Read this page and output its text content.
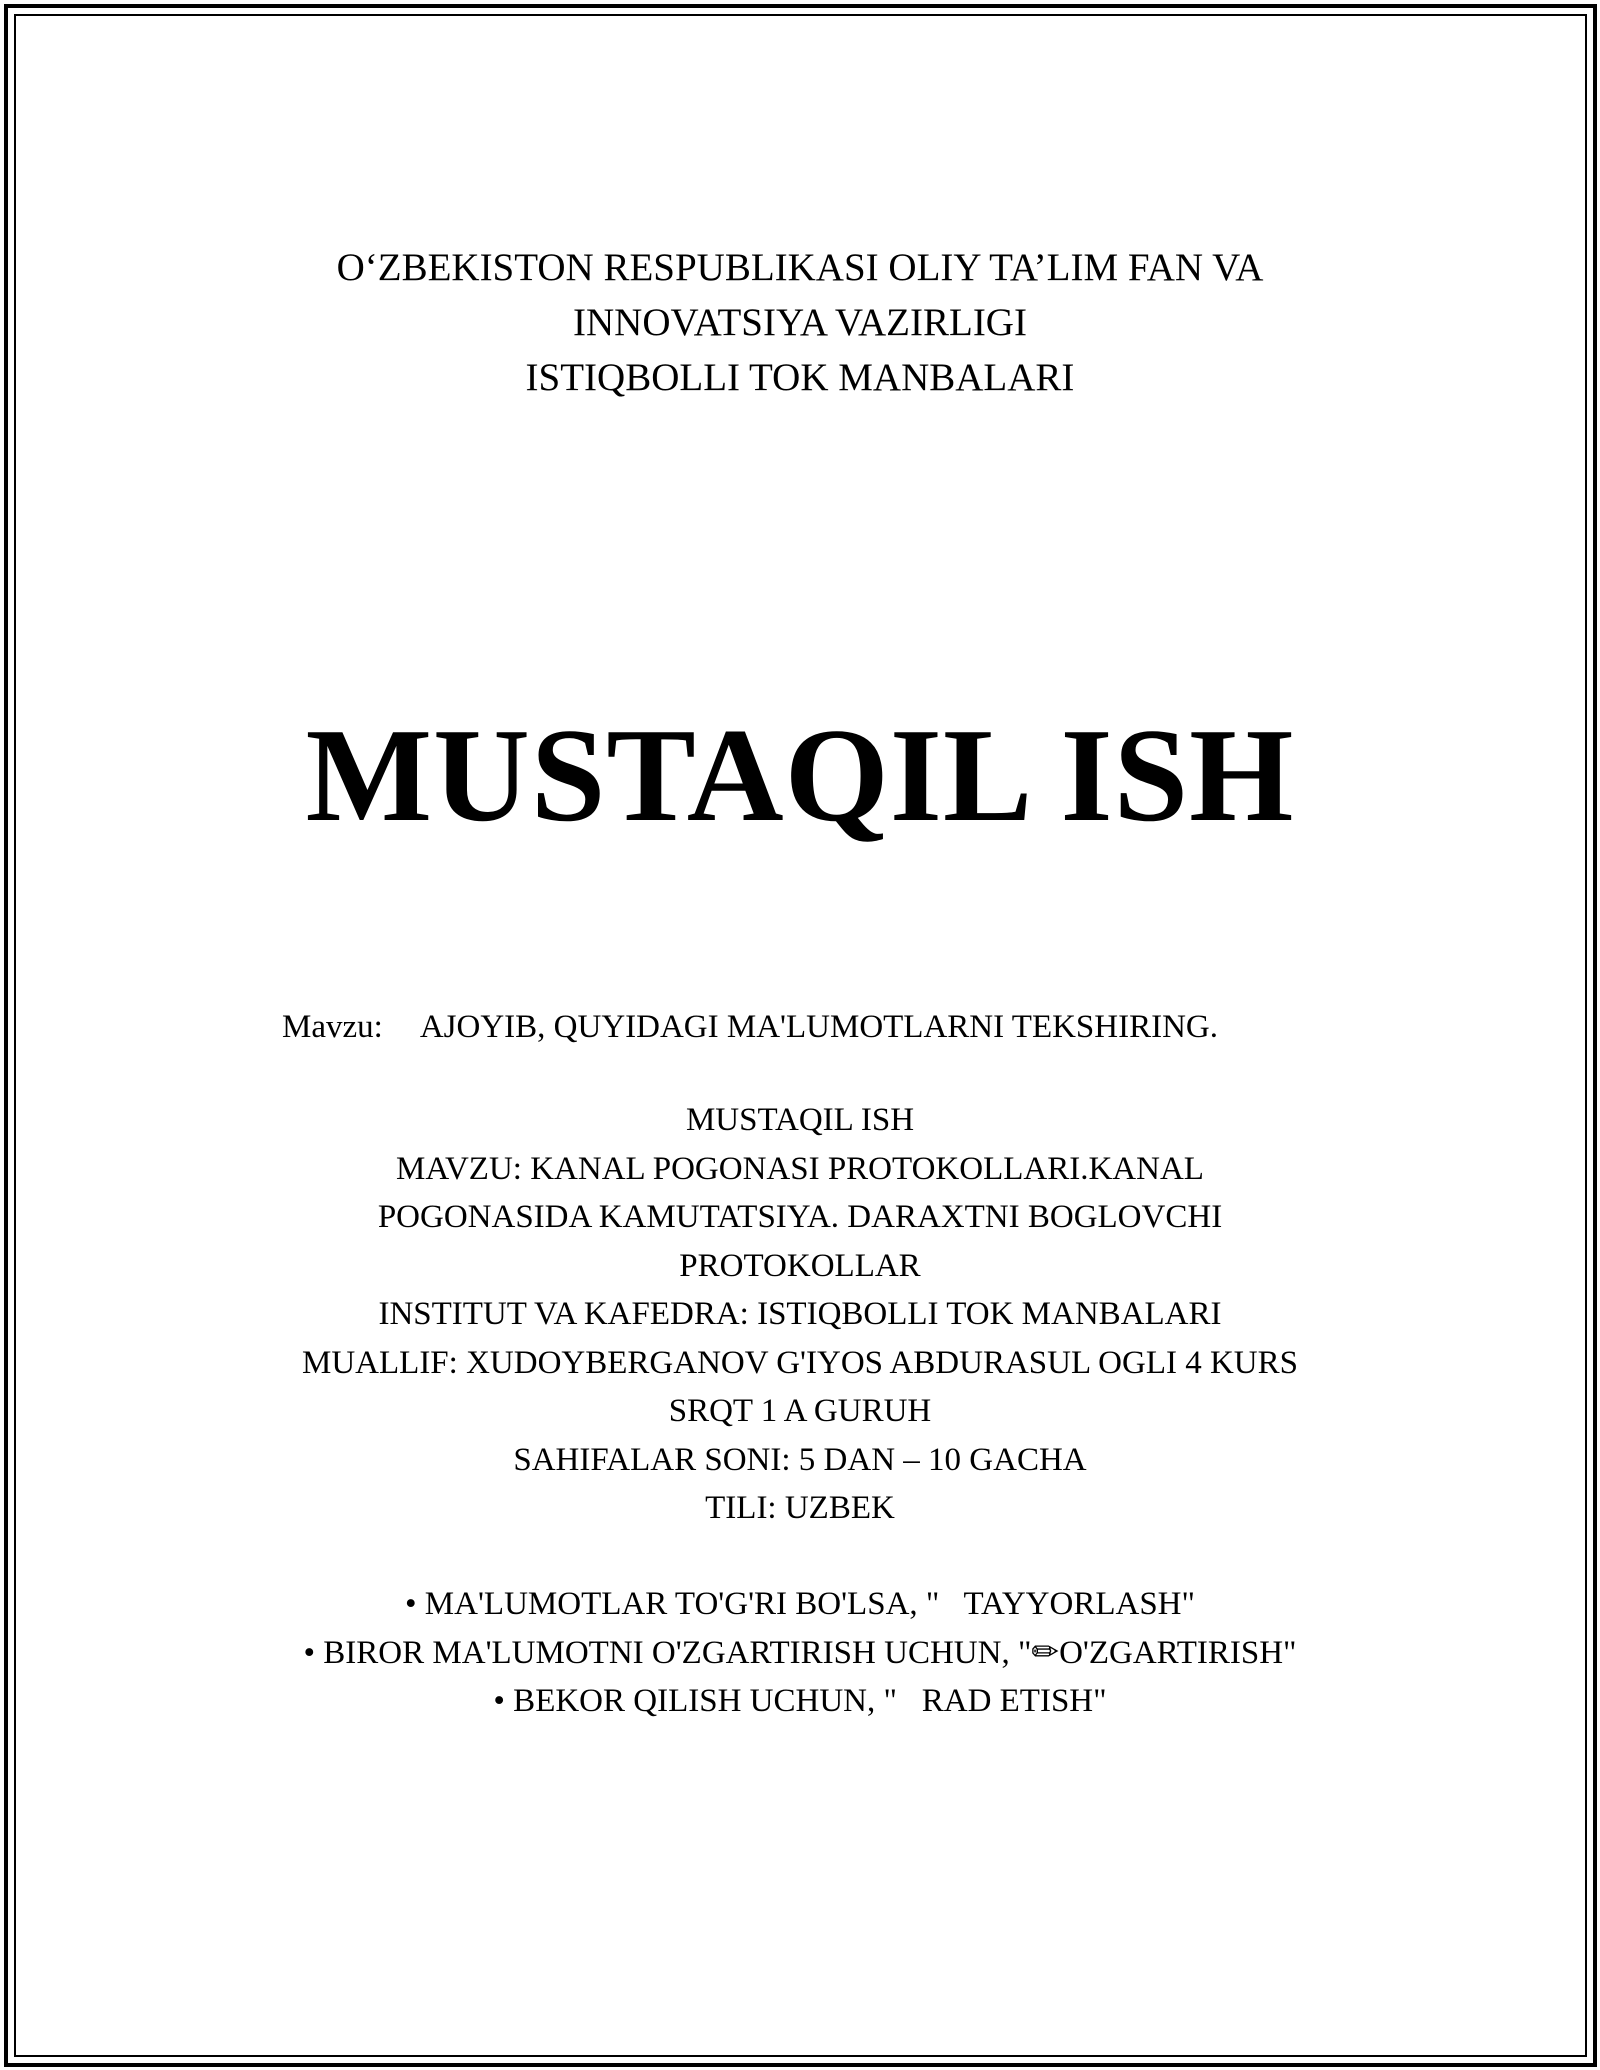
O‘ZBEKISTON RESPUBLIKASI OLIY TA’LIM FAN VA
INNOVATSIYA VAZIRLIGI
ISTIQBOLLI TOK MANBALARI
MUSTAQIL ISH
Mavzu: AJOYIB, QUYIDAGI MA'LUMOTLARNI TEKSHIRING.
MUSTAQIL ISH
MAVZU: KANAL POGONASI PROTOKOLLARI.KANAL
POGONASIDA KAMUTATSIYA. DARAXTNI BOGLOVCHI
PROTOKOLLAR
INSTITUT VA KAFEDRA: ISTIQBOLLI TOK MANBALARI
MUALLIF: XUDOYBERGANOV G'IYOS ABDURASUL OGLI 4 KURS
SRQT 1 A GURUH
SAHIFALAR SONI: 5 DAN – 10 GACHA
TILI: UZBEK
• MA'LUMOTLAR TO'G'RI BO'LSA, "   TAYYORLASH"
• BIROR MA'LUMOTNI O'ZGARTIRISH UCHUN, "✏O'ZGARTIRISH"
• BEKOR QILISH UCHUN, "   RAD ETISH"
